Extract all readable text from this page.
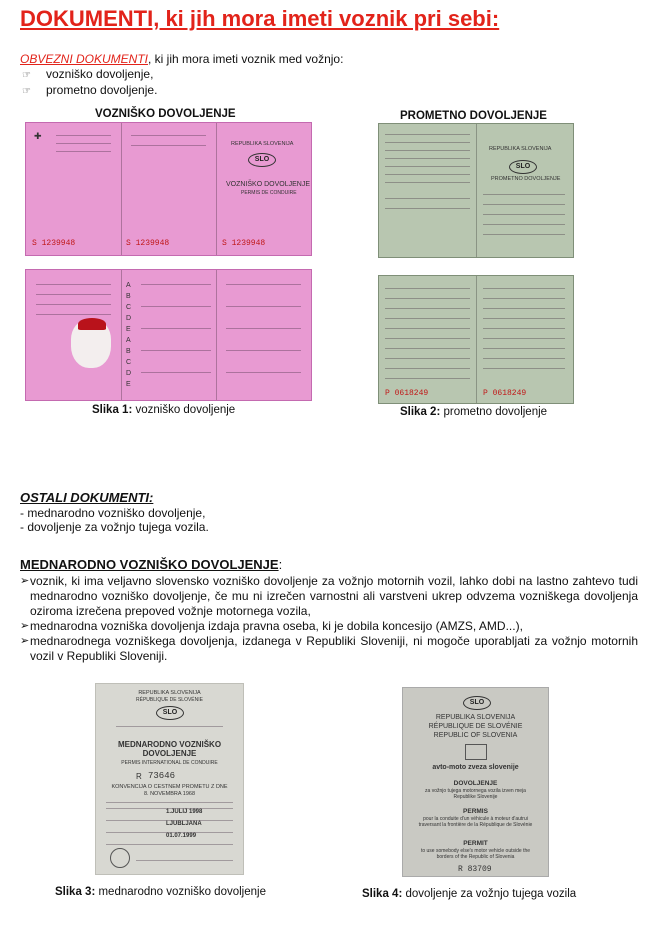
DOKUMENTI, ki jih mora imeti voznik pri sebi:
OBVEZNI DOKUMENTI, ki jih mora imeti voznik med vožnjo:
☞ vozniško dovoljenje,
☞ prometno dovoljenje.
VOZNIŠKO DOVOLJENJE	PROMETNO DOVOLJENJE
✚
REPUBLIKA SLOVENIJA
SLO
VOZNIŠKO DOVOLJENJE
PERMIS DE CONDUIRE
S 1239948	S 1239948	S 1239948
A
B
C
D
E
A
B
C
D
E
Slika 1: vozniško dovoljenje
REPUBLIKA SLOVENIJA
SLO
PROMETNO DOVOLJENJE
P 0618249	P 0618249
Slika 2: prometno dovoljenje
OSTALI DOKUMENTI:
- mednarodno vozniško dovoljenje,
- dovoljenje za vožnjo tujega vozila.
MEDNARODNO VOZNIŠKO DOVOLJENJE:
➢ voznik, ki ima veljavno slovensko vozniško dovoljenje za vožnjo motornih vozil, lahko dobi na lastno zahtevo tudi mednarodno vozniško dovoljenje, če mu ni izrečen varnostni ali varstveni ukrep odvzema vozniškega dovoljenja oziroma izrečena prepoved vožnje motornega vozila,
➢ mednarodna vozniška dovoljenja izdaja pravna oseba, ki je dobila koncesijo (AMZS, AMD...),
➢ mednarodnega vozniškega dovoljenja, izdanega v Republiki Sloveniji, ni mogoče uporabljati za vožnjo motornih vozil v Republiki Sloveniji.
REPUBLIKA SLOVENIJA
RÉPUBLIQUE DE SLOVÉNIE
SLO
MEDNARODNO VOZNIŠKO DOVOLJENJE
PERMIS INTERNATIONAL DE CONDUIRE
R 73646
KONVENCIJA O CESTNEM PROMETU Z DNE 8. NOVEMBRA 1968
1.JULIJ 1998
LJUBLJANA
01.07.1999
SLO
REPUBLIKA SLOVENIJA
RÉPUBLIQUE DE SLOVÉNIE
REPUBLIC OF SLOVENIA
avto-moto zveza slovenije
DOVOLJENJE
za vožnjo tujega motornega vozila izven meja Republike Slovenije
PERMIS
pour la conduite d'un véhicule à moteur d'autrui traversant la frontière de la République de Slovénie
PERMIT
to use somebody else's motor vehicle outside the borders of the Republic of Slovenia
R 83709
Slika 3: mednarodno vozniško dovoljenje	Slika 4: dovoljenje za vožnjo tujega vozila
